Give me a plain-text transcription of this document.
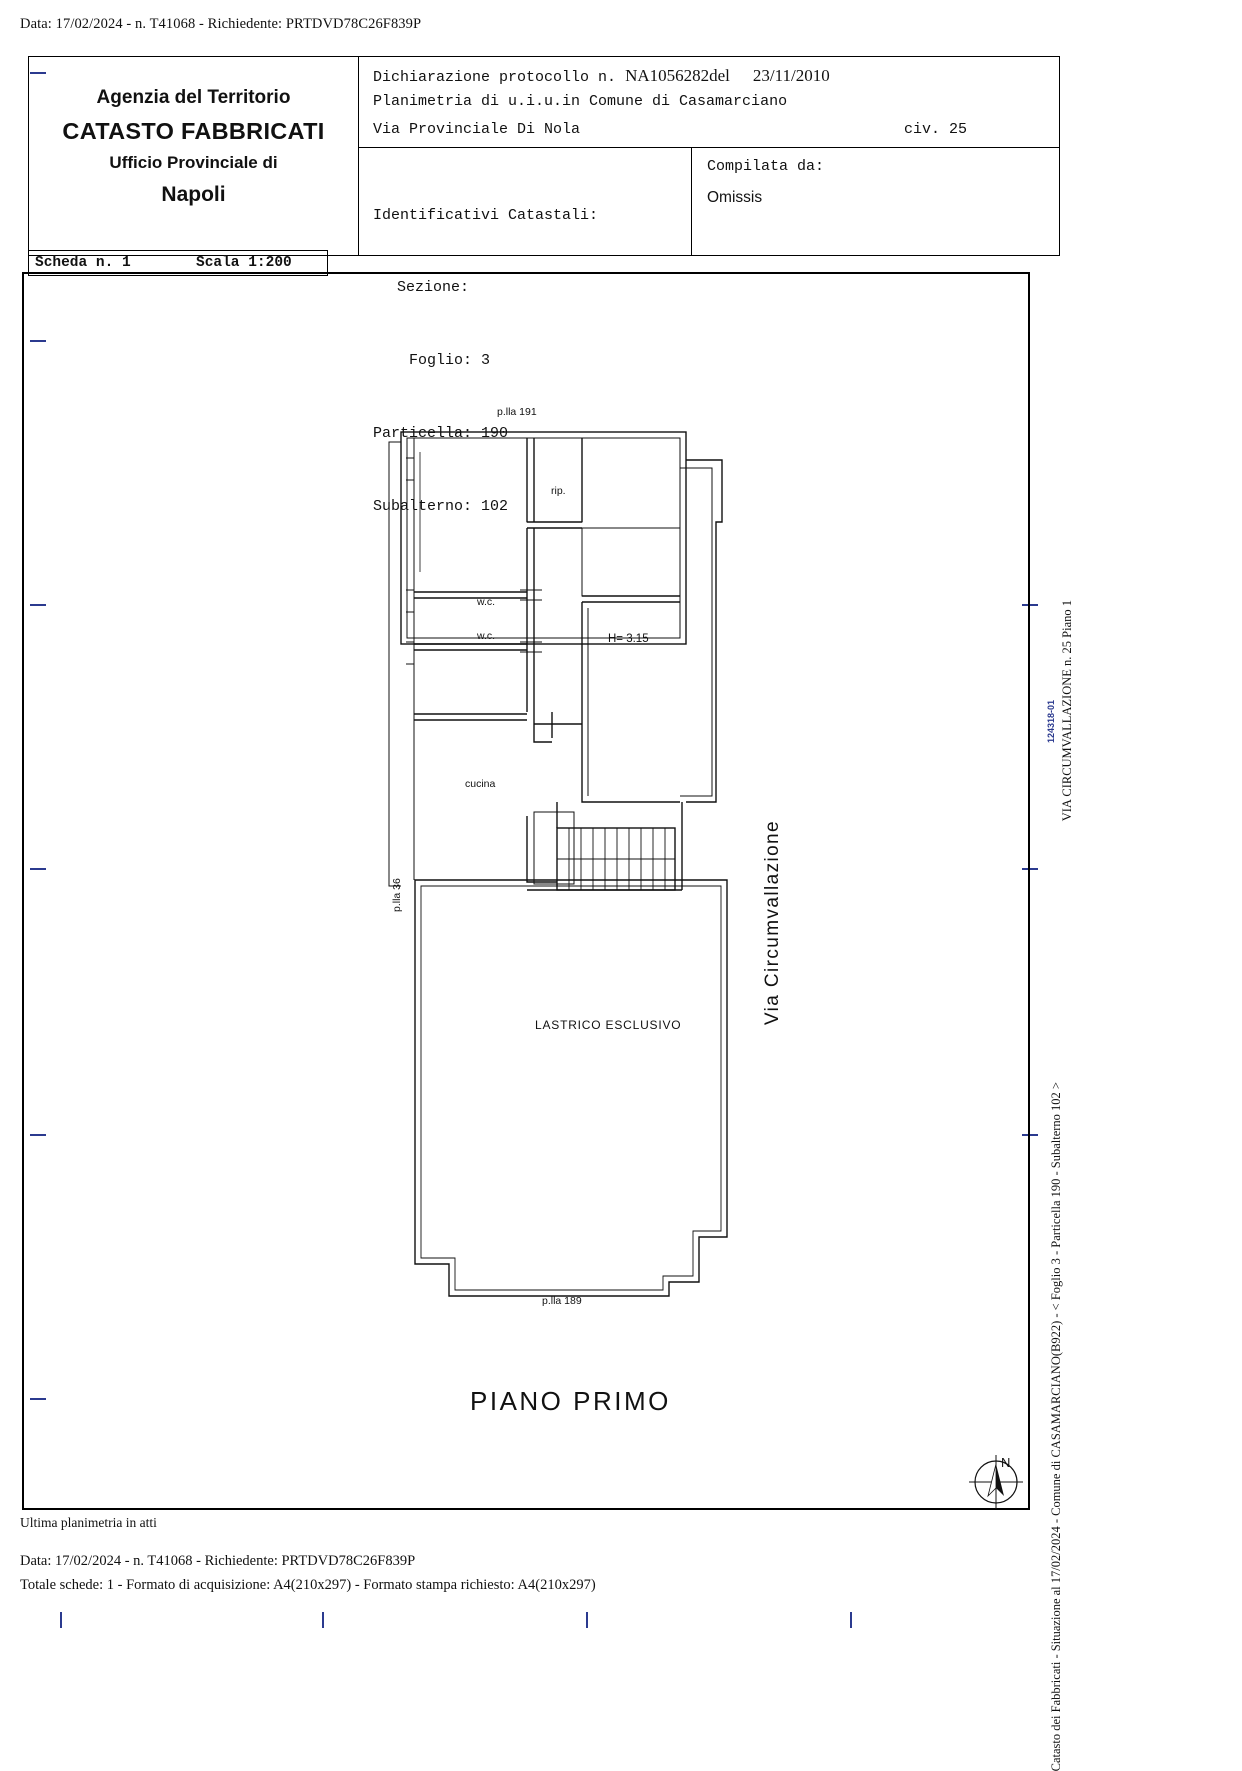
Data: 17/02/2024 - n. T41068 - Richiedente: PRTDVD78C26F839P
Agenzia del Territorio
CATASTO FABBRICATI
Ufficio Provinciale di
Napoli
Dichiarazione protocollo n. NA1056282del 23/11/2010
Planimetria di u.i.u.in Comune di Casamarciano
Via Provinciale Di Nola	civ. 25

Identificativi Catastali:

Sezione:

Foglio: 3

Particella: 190

Subalterno: 102

Compilata da:
Omissis
Scheda n. 1	Scala 1:200
p.lla 191
rip.
w.c.
w.c.	H= 3.15
cucina
LASTRICO ESCLUSIVO
p.lla 189
p.lla 36	Via Circumvallazione
PIANO PRIMO	Catasto dei Fabbricati - Situazione al 17/02/2024 - Comune di CASAMARCIANO(B922) - < Foglio 3 - Particella 190 - Subalterno 102 >
VIA CIRCUMVALLAZIONE n. 25 Piano 1
124318-01
N
Ultima planimetria in atti
Data: 17/02/2024 - n. T41068 - Richiedente: PRTDVD78C26F839P
Totale schede: 1 - Formato di acquisizione: A4(210x297) - Formato stampa richiesto: A4(210x297)
